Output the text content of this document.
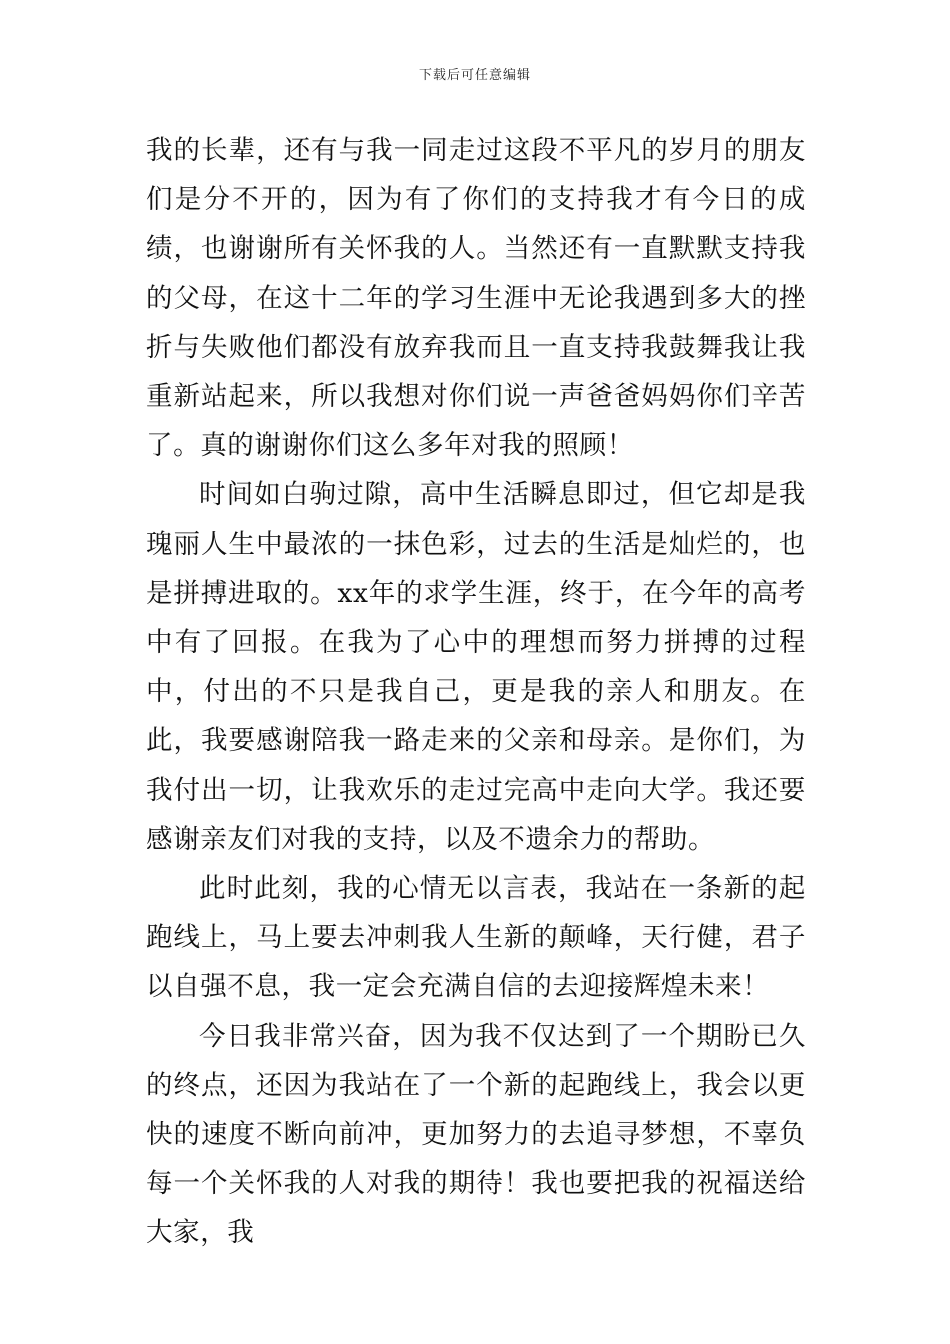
下载后可任意编辑

我的长辈，还有与我一同走过这段不平凡的岁月的朋友们是分不开的，因为有了你们的支持我才有今日的成绩，也谢谢所有关怀我的人。当然还有一直默默支持我的父母，在这十二年的学习生涯中无论我遇到多大的挫折与失败他们都没有放弃我而且一直支持我鼓舞我让我重新站起来，所以我想对你们说一声爸爸妈妈你们辛苦了。真的谢谢你们这么多年对我的照顾！

时间如白驹过隙，高中生活瞬息即过，但它却是我瑰丽人生中最浓的一抹色彩，过去的生活是灿烂的，也是拼搏进取的。xx年的求学生涯，终于，在今年的高考中有了回报。在我为了心中的理想而努力拼搏的过程中，付出的不只是我自己，更是我的亲人和朋友。在此，我要感谢陪我一路走来的父亲和母亲。是你们，为我付出一切，让我欢乐的走过完高中走向大学。我还要感谢亲友们对我的支持，以及不遗余力的帮助。

此时此刻，我的心情无以言表，我站在一条新的起跑线上，马上要去冲刺我人生新的颠峰，天行健，君子以自强不息，我一定会充满自信的去迎接辉煌未来！

今日我非常兴奋，因为我不仅达到了一个期盼已久的终点，还因为我站在了一个新的起跑线上，我会以更快的速度不断向前冲，更加努力的去追寻梦想，不辜负每一个关怀我的人对我的期待！我也要把我的祝福送给大家，我
